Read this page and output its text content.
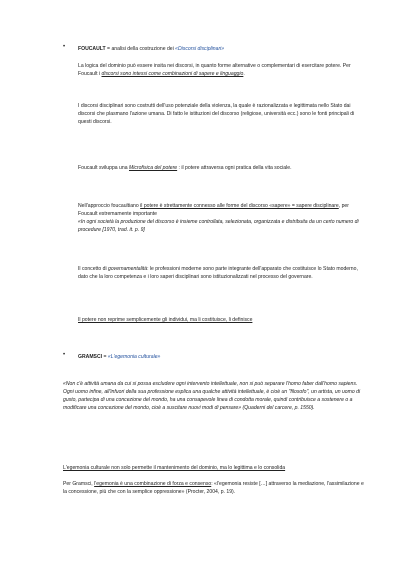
•	FOUCAULT = analisi della costruzione dei «Discorsi disciplinari»

La logica del dominio può essere insita nei discorsi, in quanto forme alternative o complementari di esercitare potere. Per Foucault i discorsi sono intessi come combinazioni di sapere e linguaggio.

I discorsi disciplinari sono costrutti dell'uso potenziale della violenza, la quale è razionalizzata e legittimata nello Stato dai discorsi che plasmano l'azione umana. Di fatto le istituzioni del discorso (religiose, università ecc.) sono le fonti principali di questi discorsi.

Foucault sviluppa una Microfisica del potere : il potere attraversa ogni pratica della vita sociale.

Nell'approccio foucaultiano il potere è strettamente connesso alle forme del discorso «sapere» = sapere disciplinare, per Foucault estremamente importante
«In ogni società la produzione del discorso è insieme controllata, selezionata, organizzata e distribuita da un certo numero di procedure [1970, trad. it. p. 9]

Il concetto di governamentalità: le professioni moderne sono parte integrante dell'apparato che costituisce lo Stato moderno, dato che la loro competenza e i loro saperi disciplinari sono istituzionalizzati nel processo del governare.

Il potere non reprime semplicemente gli individui, ma li costituisce, li definisce

•	GRAMSCI = «L'egemonia culturale»

«Non c'è attività umana da cui si possa escludere ogni intervento intellettuale, non si può separare l'homo faber dall'homo sapiens. Ogni uomo infine, all'infuori della sua professione esplica una qualche attività intellettuale, è cioè un "filosofo", un artista, un uomo di gusto, partecipa di una concezione del mondo, ha una consapevole linea di condotta morale, quindi contribuisce a sostenere o a modificare una concezione del mondo, cioè a suscitare nuovi modi di pensare» (Quaderni del carcere, p. 1550).

L'egemonia culturale non solo permette il mantenimento del dominio, ma lo legittima e lo consolida

Per Gramsci, l'egemonia è una combinazione di forza e consenso: «l'egemonia resiste […] attraverso la mediazione, l'assimilazione e la concessione, più che con la semplice oppressione» (Procter, 2004, p. 19).
